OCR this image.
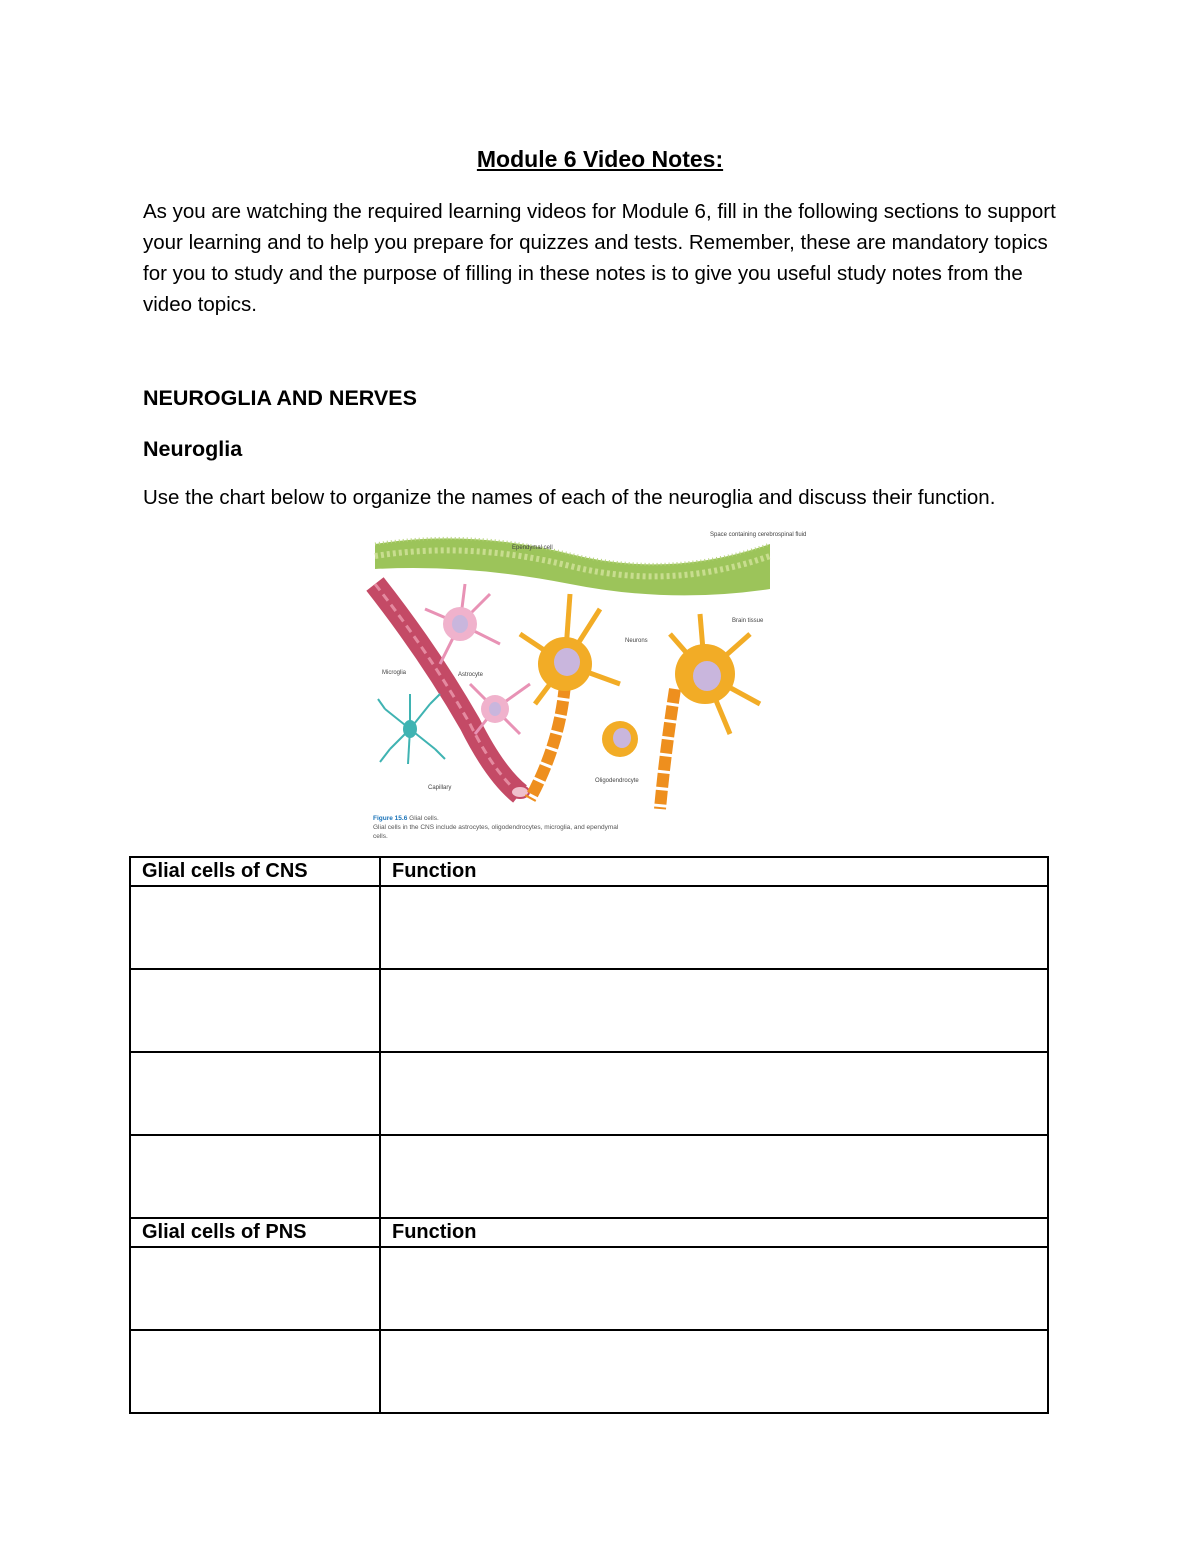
Module 6 Video Notes:

As you are watching the required learning videos for Module 6, fill in the following sections to support your learning and to help you prepare for quizzes and tests. Remember, these are mandatory topics for you to study and the purpose of filling in these notes is to give you useful study notes from the video topics.

NEUROGLIA AND NERVES
Neuroglia

Use the chart below to organize the names of each of the neuroglia and discuss their function.

Ependymal cell
Space containing cerebrospinal fluid
Neurons
Brain tissue
Astrocyte
Microglia
Capillary
Oligodendrocyte
Figure 15.6 Glial cells.
Glial cells in the CNS include astrocytes, oligodendrocytes, microglia, and ependymal cells.
Glial cells of CNS	Function

Glial cells of PNS	Function
